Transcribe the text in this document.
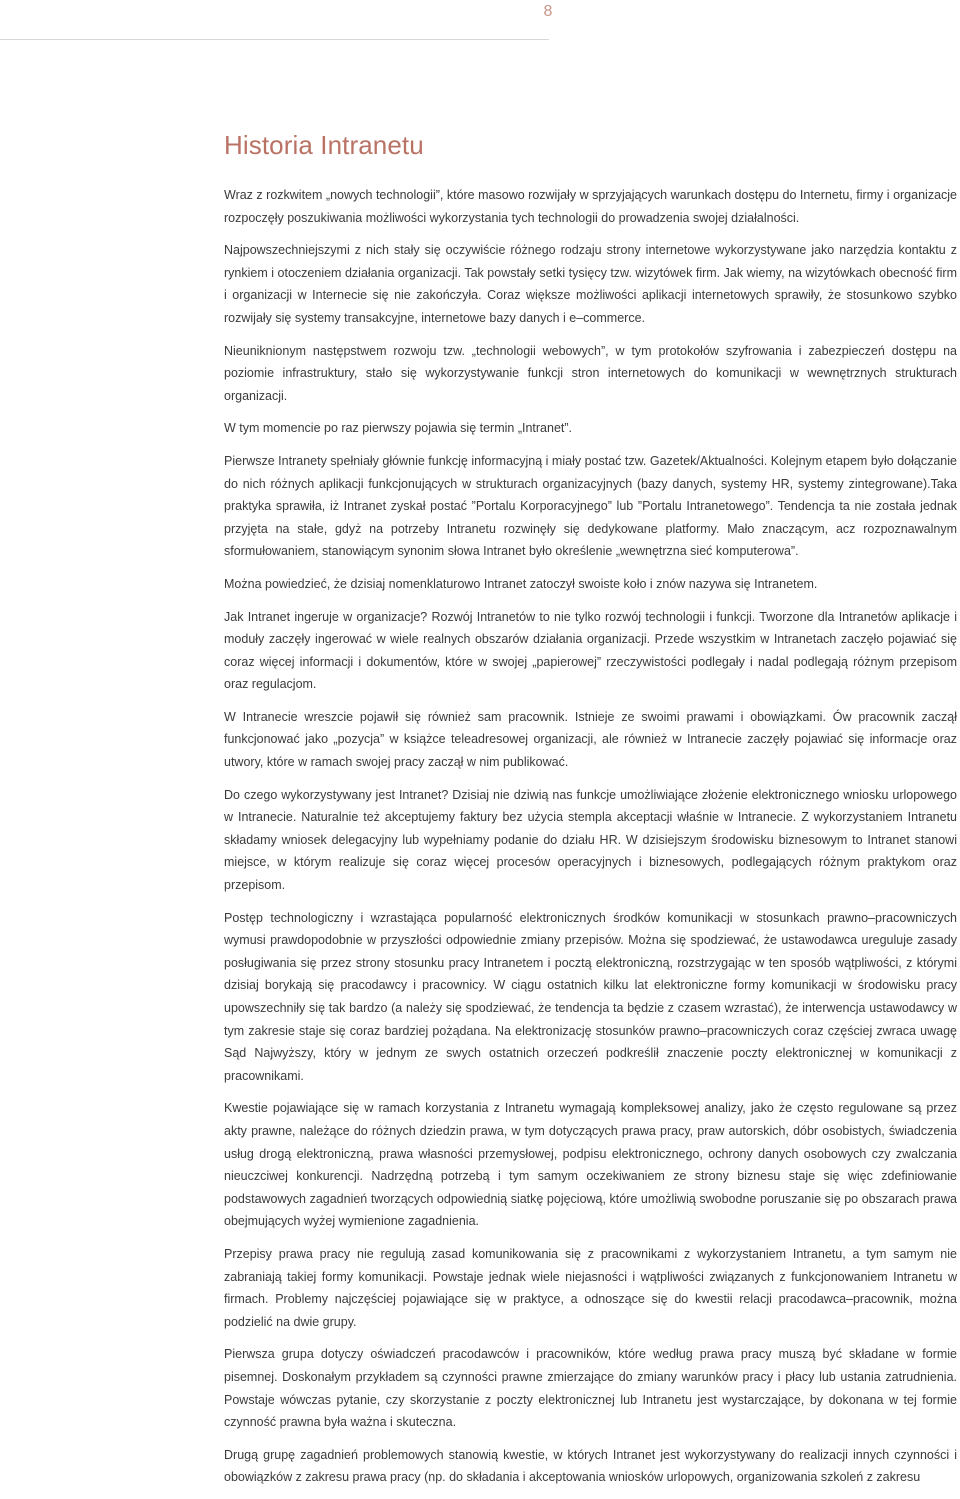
8
Historia Intranetu

Wraz z rozkwitem „nowych technologii”, które masowo rozwijały w sprzyjających warunkach dostępu do Internetu, firmy i organizacje rozpoczęły poszukiwania możliwości wykorzystania tych technologii do prowadzenia swojej działalności.

Najpowszechniejszymi z nich stały się oczywiście różnego rodzaju strony internetowe wykorzystywane jako narzędzia kontaktu z rynkiem i otoczeniem działania organizacji. Tak powstały setki tysięcy tzw. wizytówek firm. Jak wiemy, na wizytówkach obecność firm i organizacji w Internecie się nie zakończyła. Coraz większe możliwości aplikacji internetowych sprawiły, że stosunkowo szybko rozwijały się systemy transakcyjne, internetowe bazy danych i e–commerce.

Nieuniknionym następstwem rozwoju tzw. „technologii webowych”, w tym protokołów szyfrowania i zabezpieczeń dostępu na poziomie infrastruktury, stało się wykorzystywanie funkcji stron internetowych do komunikacji w wewnętrznych strukturach organizacji.

W tym momencie po raz pierwszy pojawia się termin „Intranet”.

Pierwsze Intranety spełniały głównie funkcję informacyjną i miały postać tzw. Gazetek/Aktualności. Kolejnym etapem było dołączanie do nich różnych aplikacji funkcjonujących w strukturach organizacyjnych (bazy danych, systemy HR, systemy zintegrowane).Taka praktyka sprawiła, iż Intranet zyskał postać ”Portalu Korporacyjnego” lub ”Portalu Intranetowego”. Tendencja ta nie została jednak przyjęta na stałe, gdyż na potrzeby Intranetu rozwinęły się dedykowane platformy. Mało znaczącym, acz rozpoznawalnym sformułowaniem, stanowiącym synonim słowa Intranet było określenie „wewnętrzna sieć komputerowa”.

Można powiedzieć, że dzisiaj nomenklaturowo Intranet zatoczył swoiste koło i znów nazywa się Intranetem.

Jak Intranet ingeruje w organizacje? Rozwój Intranetów to nie tylko rozwój technologii i funkcji. Tworzone dla Intranetów aplikacje i moduły zaczęły ingerować w wiele realnych obszarów działania organizacji. Przede wszystkim w Intranetach zaczęło pojawiać się coraz więcej informacji i dokumentów, które w swojej „papierowej” rzeczywistości podlegały i nadal podlegają różnym przepisom oraz regulacjom.

W Intranecie wreszcie pojawił się również sam pracownik. Istnieje ze swoimi prawami i obowiązkami. Ów pracownik zaczął funkcjonować jako „pozycja” w książce teleadresowej organizacji, ale również w Intranecie zaczęły pojawiać się informacje oraz utwory, które w ramach swojej pracy zaczął w nim publikować.

Do czego wykorzystywany jest Intranet? Dzisiaj nie dziwią nas funkcje umożliwiające złożenie elektronicznego wniosku urlopowego w Intranecie. Naturalnie też akceptujemy faktury bez użycia stempla akceptacji właśnie w Intranecie. Z wykorzystaniem Intranetu składamy wniosek delegacyjny lub wypełniamy podanie do działu HR. W dzisiejszym środowisku biznesowym to Intranet stanowi miejsce, w którym realizuje się coraz więcej procesów operacyjnych i biznesowych, podlegających różnym praktykom oraz przepisom.

Postęp technologiczny i wzrastająca popularność elektronicznych środków komunikacji w stosunkach prawno–pracowniczych wymusi prawdopodobnie w przyszłości odpowiednie zmiany przepisów. Można się spodziewać, że ustawodawca ureguluje zasady posługiwania się przez strony stosunku pracy Intranetem i pocztą elektroniczną, rozstrzygając w ten sposób wątpliwości, z którymi dzisiaj borykają się pracodawcy i pracownicy. W ciągu ostatnich kilku lat elektroniczne formy komunikacji w środowisku pracy upowszechniły się tak bardzo (a należy się spodziewać, że tendencja ta będzie z czasem wzrastać), że interwencja ustawodawcy w tym zakresie staje się coraz bardziej pożądana. Na elektronizację stosunków prawno–pracowniczych coraz częściej zwraca uwagę Sąd Najwyższy, który w jednym ze swych ostatnich orzeczeń podkreślił znaczenie poczty elektronicznej w komunikacji z pracownikami.

Kwestie pojawiające się w ramach korzystania z Intranetu wymagają kompleksowej analizy, jako że często regulowane są przez akty prawne, należące do różnych dziedzin prawa, w tym dotyczących prawa pracy, praw autorskich, dóbr osobistych, świadczenia usług drogą elektroniczną, prawa własności przemysłowej, podpisu elektronicznego, ochrony danych osobowych czy zwalczania nieuczciwej konkurencji. Nadrzędną potrzebą i tym samym oczekiwaniem ze strony biznesu staje się więc zdefiniowanie podstawowych zagadnień tworzących odpowiednią siatkę pojęciową, które umożliwią swobodne poruszanie się po obszarach prawa obejmujących wyżej wymienione zagadnienia.

Przepisy prawa pracy nie regulują zasad komunikowania się z pracownikami z wykorzystaniem Intranetu, a tym samym nie zabraniają takiej formy komunikacji. Powstaje jednak wiele niejasności i wątpliwości związanych z funkcjonowaniem Intranetu w firmach. Problemy najczęściej pojawiające się w praktyce, a odnoszące się do kwestii relacji pracodawca–pracownik, można podzielić na dwie grupy.

Pierwsza grupa dotyczy oświadczeń pracodawców i pracowników, które według prawa pracy muszą być składane w formie pisemnej. Doskonałym przykładem są czynności prawne zmierzające do zmiany warunków pracy i płacy lub ustania zatrudnienia. Powstaje wówczas pytanie, czy skorzystanie z poczty elektronicznej lub Intranetu jest wystarczające, by dokonana w tej formie czynność prawna była ważna i skuteczna.

Drugą grupę zagadnień problemowych stanowią kwestie, w których Intranet jest wykorzystywany do realizacji innych czynności i obowiązków z zakresu prawa pracy (np. do składania i akceptowania wniosków urlopowych, organizowania szkoleń z zakresu
